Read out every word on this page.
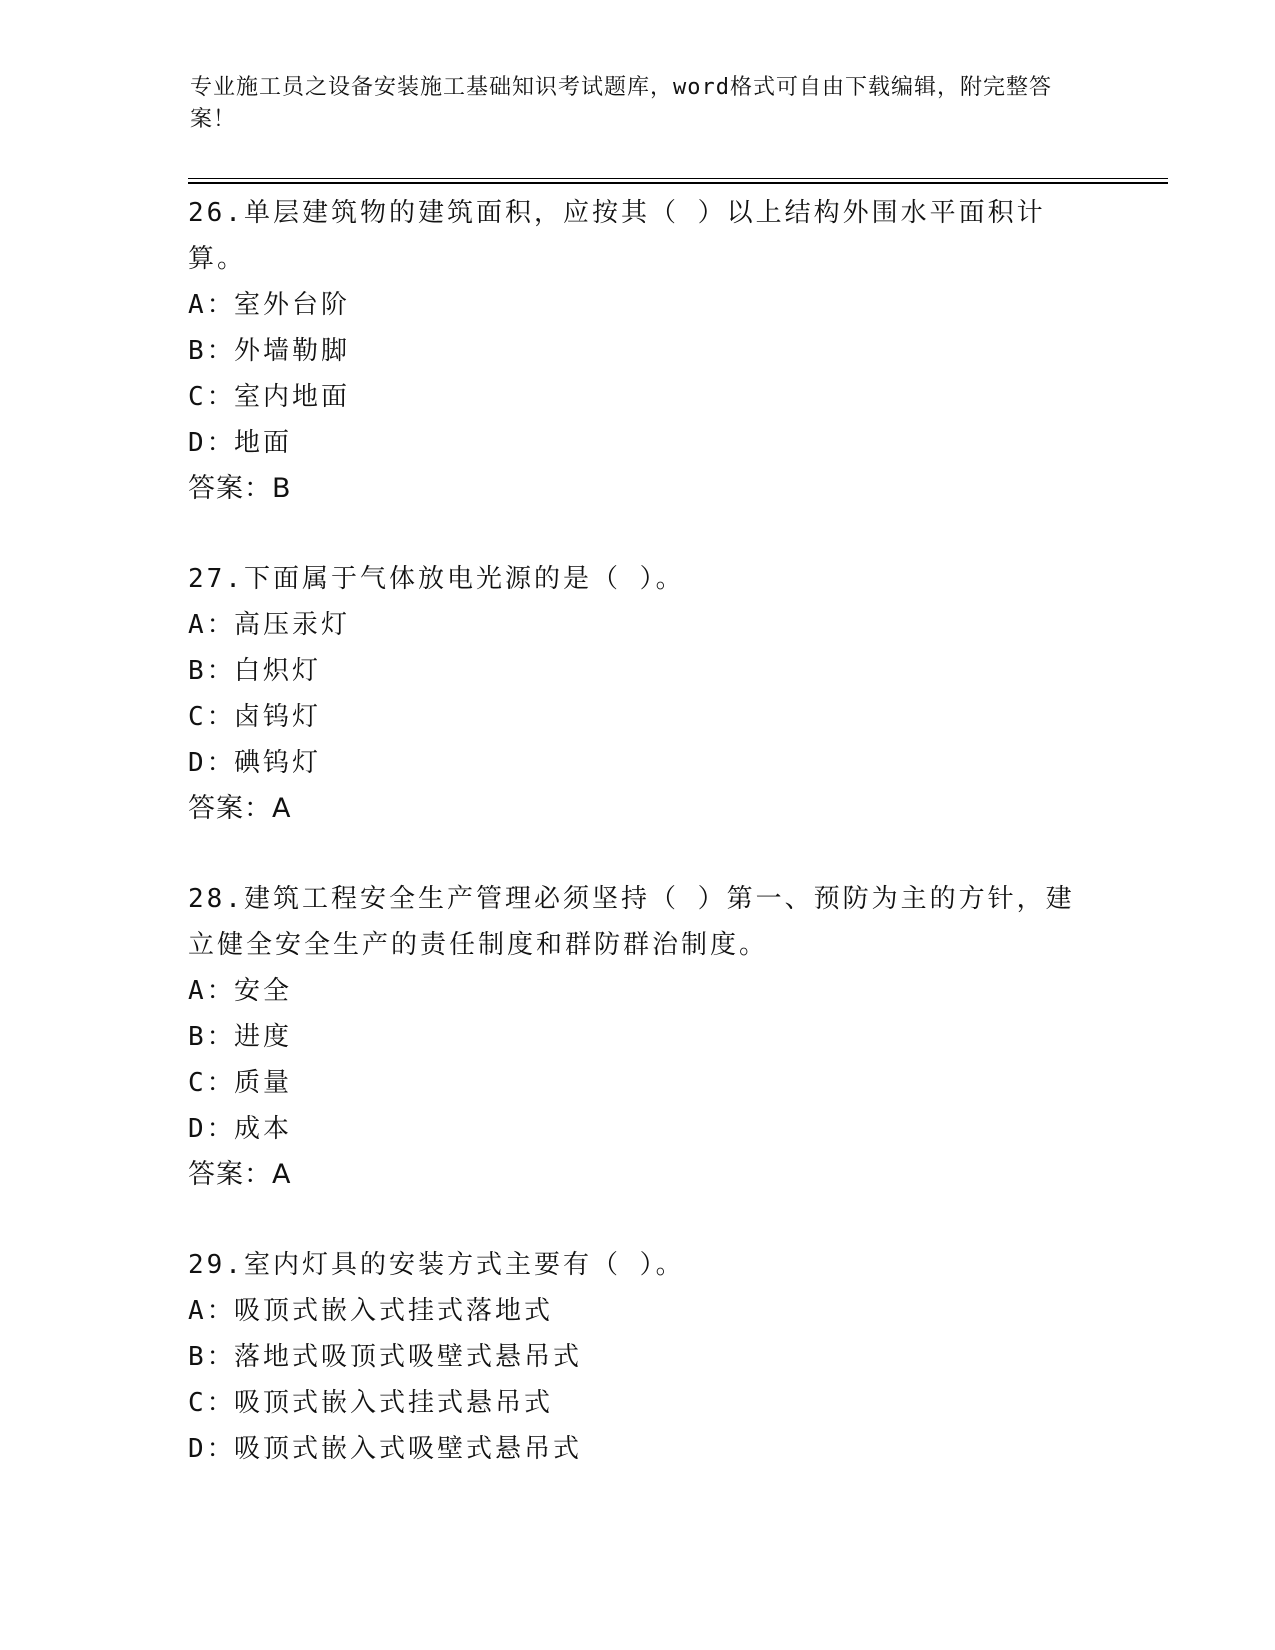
专业施工员之设备安装施工基础知识考试题库，word格式可自由下载编辑，附完整答案！

26.单层建筑物的建筑面积，应按其（ ）以上结构外围水平面积计算。

A：室外台阶
B：外墙勒脚
C：室内地面
D：地面
答案：B

27.下面属于气体放电光源的是（ ）。

A：高压汞灯
B：白炽灯
C：卤钨灯
D：碘钨灯
答案：A

28.建筑工程安全生产管理必须坚持（ ）第一、预防为主的方针，建立健全安全生产的责任制度和群防群治制度。

A：安全
B：进度
C：质量
D：成本
答案：A

29.室内灯具的安装方式主要有（ ）。

A：吸顶式嵌入式挂式落地式
B：落地式吸顶式吸壁式悬吊式
C：吸顶式嵌入式挂式悬吊式
D：吸顶式嵌入式吸壁式悬吊式
